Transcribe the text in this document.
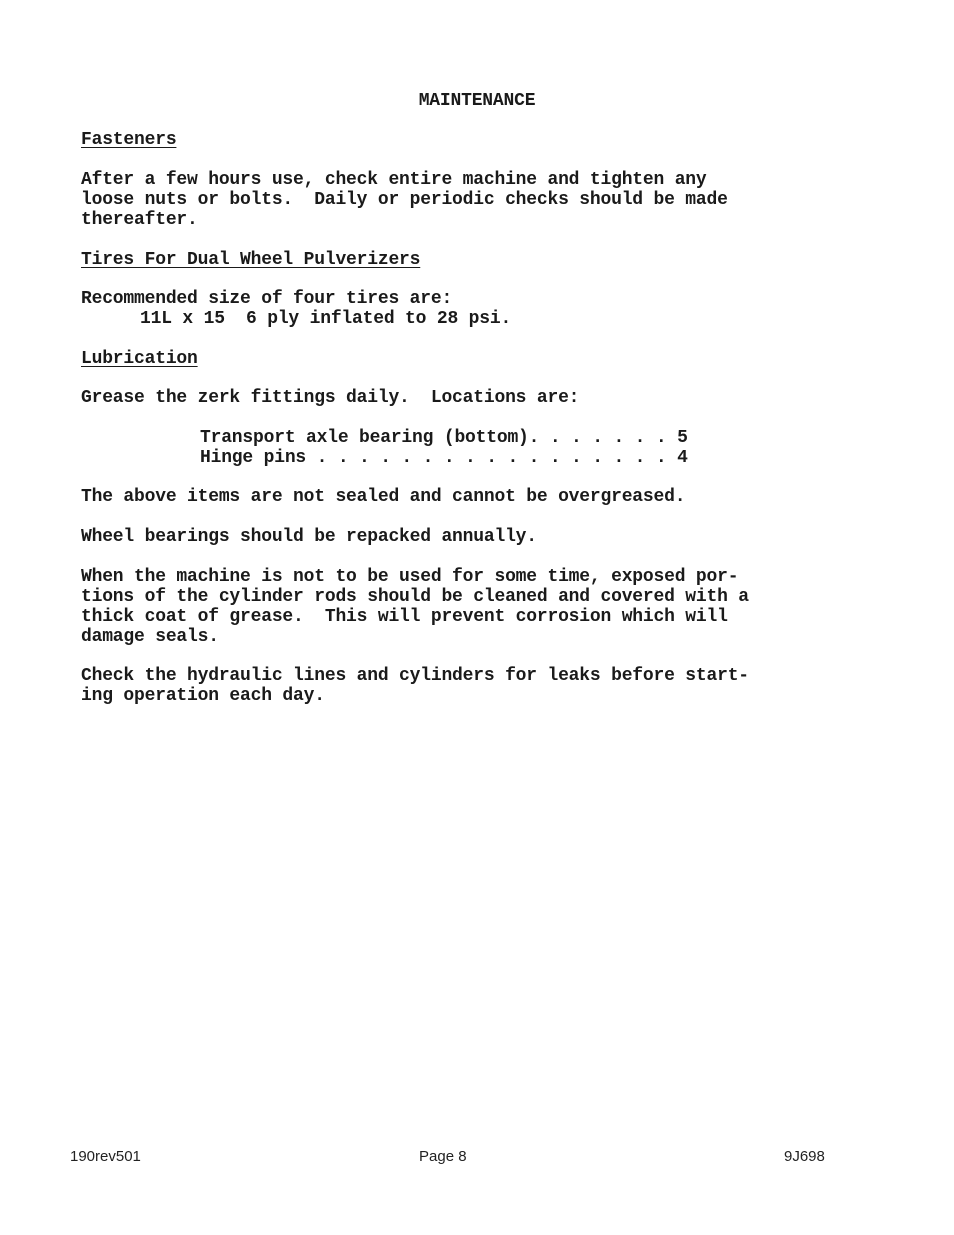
MAINTENANCE
Fasteners
After a few hours use, check entire machine and tighten any
loose nuts or bolts.  Daily or periodic checks should be made
thereafter.
Tires For Dual Wheel Pulverizers
Recommended size of four tires are:
11L x 15  6 ply inflated to 28 psi.
Lubrication
Grease the zerk fittings daily.  Locations are:
Transport axle bearing (bottom). . . . . . . 5
Hinge pins . . . . . . . . . . . . . . . . . 4
The above items are not sealed and cannot be overgreased.
Wheel bearings should be repacked annually.
When the machine is not to be used for some time, exposed por-
tions of the cylinder rods should be cleaned and covered with a
thick coat of grease.  This will prevent corrosion which will
damage seals.
Check the hydraulic lines and cylinders for leaks before start-
ing operation each day.
190rev501	Page 8	9J698
